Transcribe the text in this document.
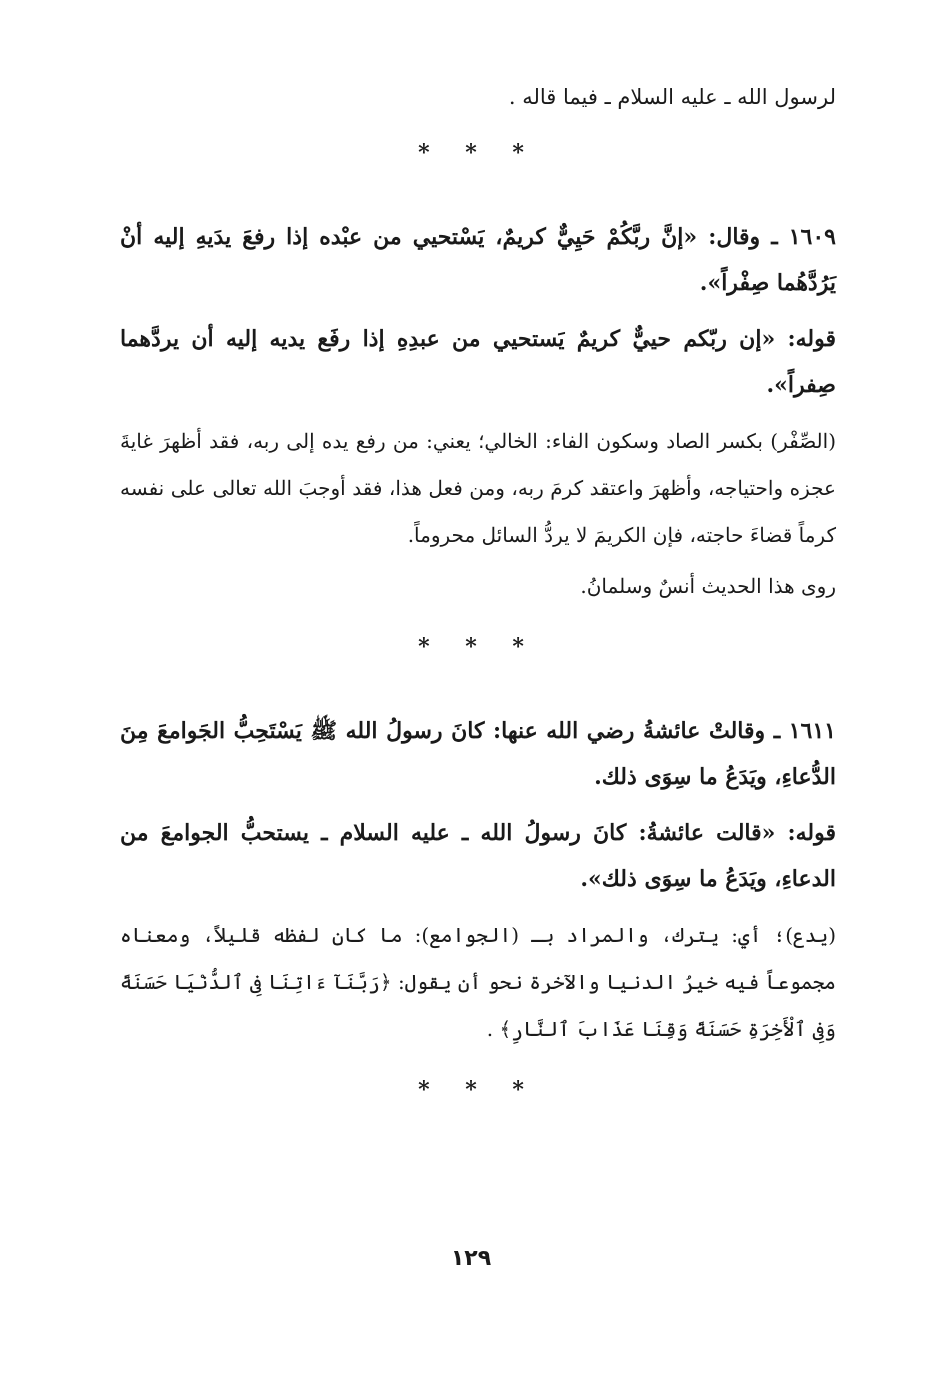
لرسول الله ـ عليه السلام ـ فيما قاله .

* * *

١٦٠٩ ـ وقال: «إنَّ ربَّكُمْ حَيِيٌّ كريمٌ، يَسْتحيي من عبْده إذا رفعَ يدَيهِ إليه أنْ يَرُدَّهُما صِفْراً».

قوله: «إن ربّكم حييٌّ كريمٌ يَستحيي من عبدِهِ إذا رفَع يديه إليه أن يردَّهما صِفراً».

(الصِّفْر) بكسر الصاد وسكون الفاء: الخالي؛ يعني: من رفع يده إلى ربه، فقد أظهرَ غايةَ عجزه واحتياجه، وأظهرَ واعتقد كرمَ ربه، ومن فعل هذا، فقد أوجبَ الله تعالى على نفسه كرماً قضاءَ حاجته، فإن الكريمَ لا يردُّ السائل محروماً.

روى هذا الحديث أنسٌ وسلمانُ.

* * *

١٦١١ ـ وقالتْ عائشةُ رضي الله عنها: كانَ رسولُ الله ﷺ يَسْتَحِبُّ الجَوامعَ مِنَ الدُّعاءِ، ويَدَعُ ما سِوَى ذلك.

قوله: «قالت عائشةُ: كانَ رسولُ الله ـ عليه السلام ـ يستحبُّ الجوامعَ من الدعاءِ، ويَدَعُ ما سِوَى ذلك».

(يدع)؛ أي: يترك، والمراد بـ (الجوامع): ما كان لفظه قليلاً، ومعناه مجموعاً فيه خيرُ الدنيا والآخرة نحو أن يقول: ﴿رَبَّنَآ ءَاتِنَا فِى ٱلدُّنْيَا حَسَنَةً وَفِى ٱلْأَخِرَةِ حَسَنَةً وَقِنَا عَذَابَ ٱلنَّارِ﴾ .

* * *
١٢٩
